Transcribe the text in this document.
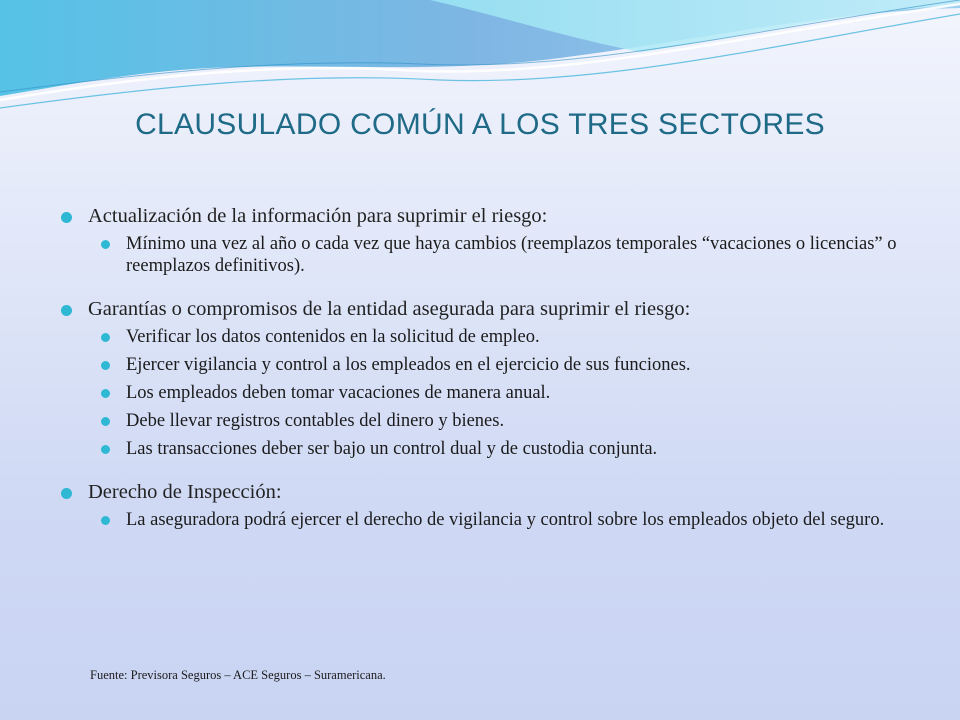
CLAUSULADO COMÚN A LOS TRES SECTORES
Actualización de la información para suprimir el riesgo:
Mínimo una vez al año o cada vez que haya cambios (reemplazos temporales “vacaciones o licencias” o reemplazos definitivos).
Garantías o compromisos de la entidad asegurada para suprimir el riesgo:
Verificar los datos contenidos en la solicitud de empleo.
Ejercer vigilancia y control a los empleados en el ejercicio de sus funciones.
Los empleados deben tomar vacaciones de manera anual.
Debe llevar registros contables del dinero y bienes.
Las transacciones deber ser bajo un control dual y de custodia conjunta.
Derecho de Inspección:
La aseguradora podrá ejercer el derecho de vigilancia y control sobre los empleados objeto del seguro.
Fuente: Previsora Seguros – ACE Seguros – Suramericana.
